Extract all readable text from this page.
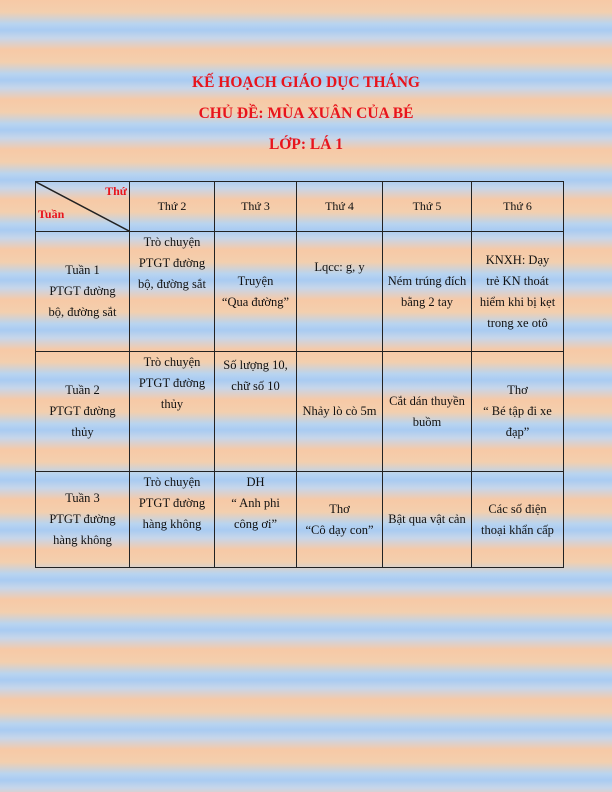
KẾ HOẠCH GIÁO DỤC THÁNG

CHỦ ĐỀ: MÙA XUÂN CỦA BÉ

LỚP: LÁ 1

Thứ
Tuần	Thứ 2	Thứ 3	Thứ 4	Thứ 5	Thứ 6
Tuần 1
PTGT đường
bộ, đường sắt	Trò chuyện
PTGT đường
bộ, đường sắt	Truyện
“Qua đường”	Lqcc: g, y	Ném trúng đích
bằng 2 tay	KNXH: Dạy
trẻ KN thoát
hiểm khi bị kẹt
trong xe otô
Tuần 2
PTGT đường
thủy	Trò chuyện
PTGT đường
thủy	Số lượng 10,
chữ số 10	Nhảy lò cò 5m	Cắt dán thuyền
buồm	Thơ
“ Bé tập đi xe
đạp”
Tuần 3
PTGT đường
hàng không	Trò chuyện
PTGT đường
hàng không	DH
“ Anh phi
công ơi”	Thơ
“Cô dạy con”	Bật qua vật cản	Các số điện
thoại khẩn cấp
